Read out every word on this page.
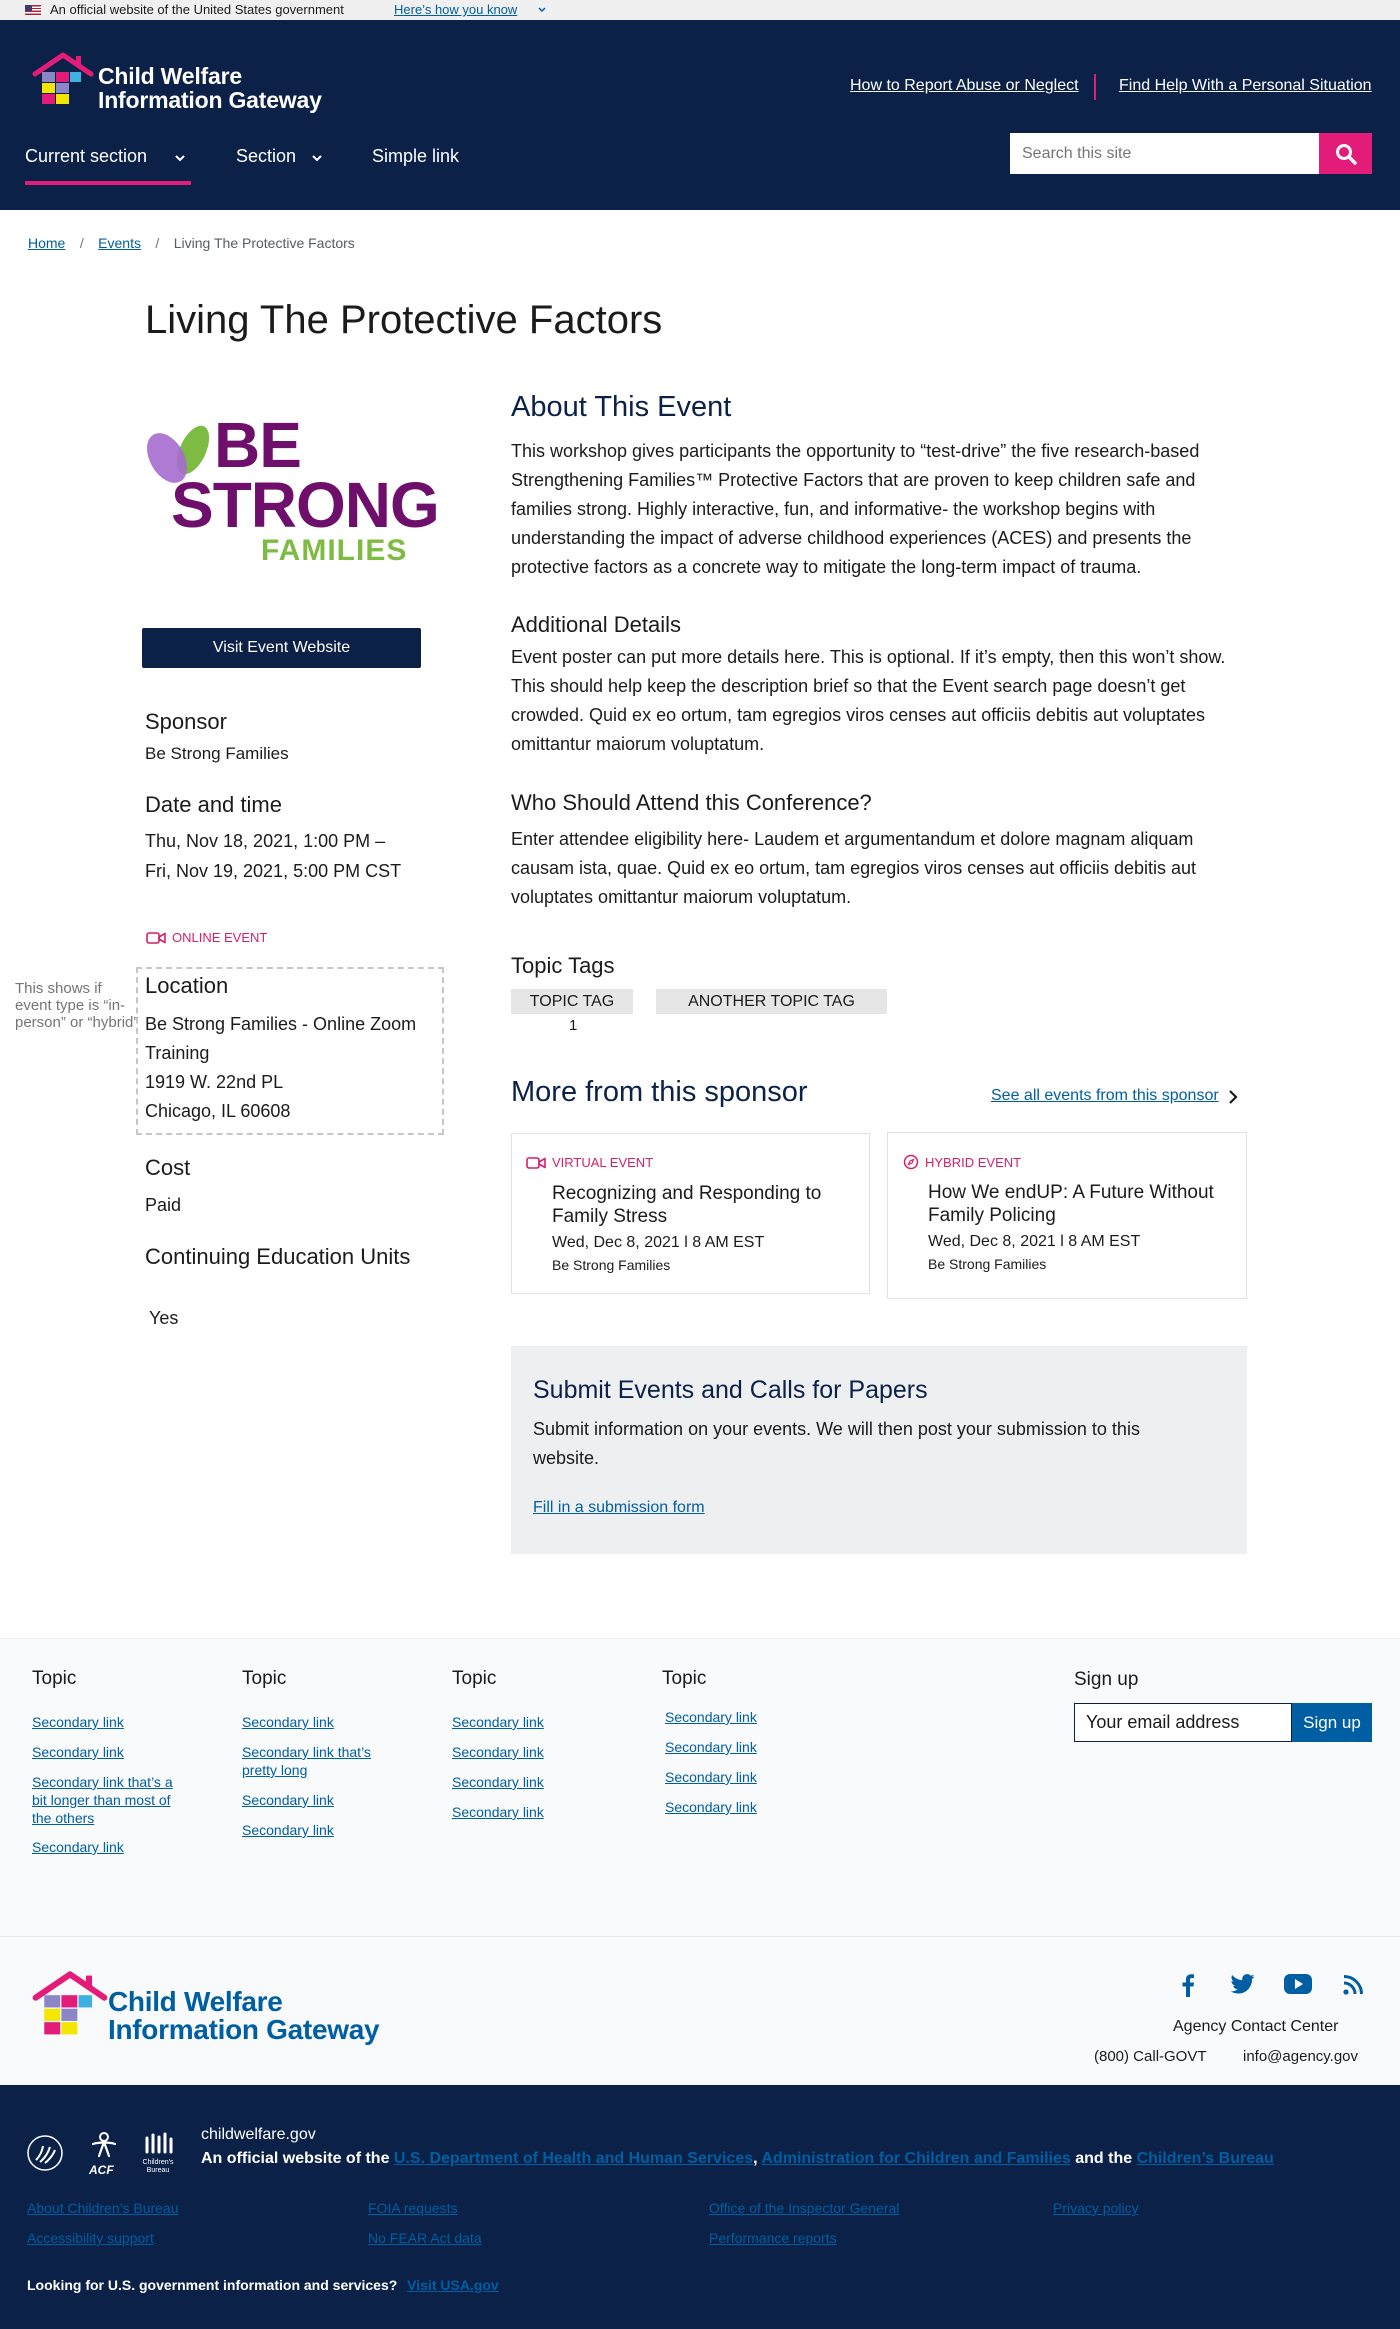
An official website of the United States government	Here’s how you know
Child Welfare
Information Gateway
How to Report Abuse or Neglect	Find Help With a Personal Situation
Current section	Section	Simple link
Search this site
Home / Events / Living The Protective Factors
Living The Protective Factors
BE
STRONG
FAMILIES
Visit Event Website
Sponsor
Be Strong Families
Date and time
Thu, Nov 18, 2021, 1:00 PM –
Fri, Nov 19, 2021, 5:00 PM CST
ONLINE EVENT
This shows if event type is “in-person” or “hybrid”
Location
Be Strong Families - Online Zoom
Training
1919 W. 22nd PL
Chicago, IL 60608
Cost
Paid
Continuing Education Units
Yes
About This Event
This workshop gives participants the opportunity to “test-drive” the five research-based
Strengthening Families™ Protective Factors that are proven to keep children safe and
families strong. Highly interactive, fun, and informative- the workshop begins with
understanding the impact of adverse childhood experiences (ACES) and presents the
protective factors as a concrete way to mitigate the long-term impact of trauma.
Additional Details
Event poster can put more details here. This is optional. If it’s empty, then this won’t show.
This should help keep the description brief so that the Event search page doesn’t get
crowded. Quid ex eo ortum, tam egregios viros censes aut officiis debitis aut voluptates
omittantur maiorum voluptatum.
Who Should Attend this Conference?
Enter attendee eligibility here- Laudem et argumentandum et dolore magnam aliquam
causam ista, quae. Quid ex eo ortum, tam egregios viros censes aut officiis debitis aut
voluptates omittantur maiorum voluptatum.
Topic Tags
TOPIC TAG	ANOTHER TOPIC TAG
1
More from this sponsor	See all events from this sponsor
VIRTUAL EVENT
Recognizing and Responding to
Family Stress
Wed, Dec 8, 2021 l 8 AM EST
Be Strong Families
HYBRID EVENT
How We endUP: A Future Without
Family Policing
Wed, Dec 8, 2021 l 8 AM EST
Be Strong Families
Submit Events and Calls for Papers
Submit information on your events. We will then post your submission to this
website.
Fill in a submission form
Topic
Secondary link
Secondary link
Secondary link that’s a bit longer than most of the others
Secondary link
Topic
Secondary link
Secondary link that’s pretty long
Secondary link
Secondary link
Topic
Secondary link
Secondary link
Secondary link
Secondary link
Topic
Secondary link
Secondary link
Secondary link
Secondary link
Sign up
Your email address
Sign up
Child Welfare
Information Gateway	Agency Contact Center
(800) Call-GOVT info@agency.gov
ACF
Children's
Bureau
childwelfare.gov
An official website of the U.S. Department of Health and Human Services, Administration for Children and Families and the Children’s Bureau
About Children’s Bureau	FOIA requests	Office of the Inspector General	Privacy policy
Accessibility support	No FEAR Act data	Performance reports
Looking for U.S. government information and services? Visit USA.gov
